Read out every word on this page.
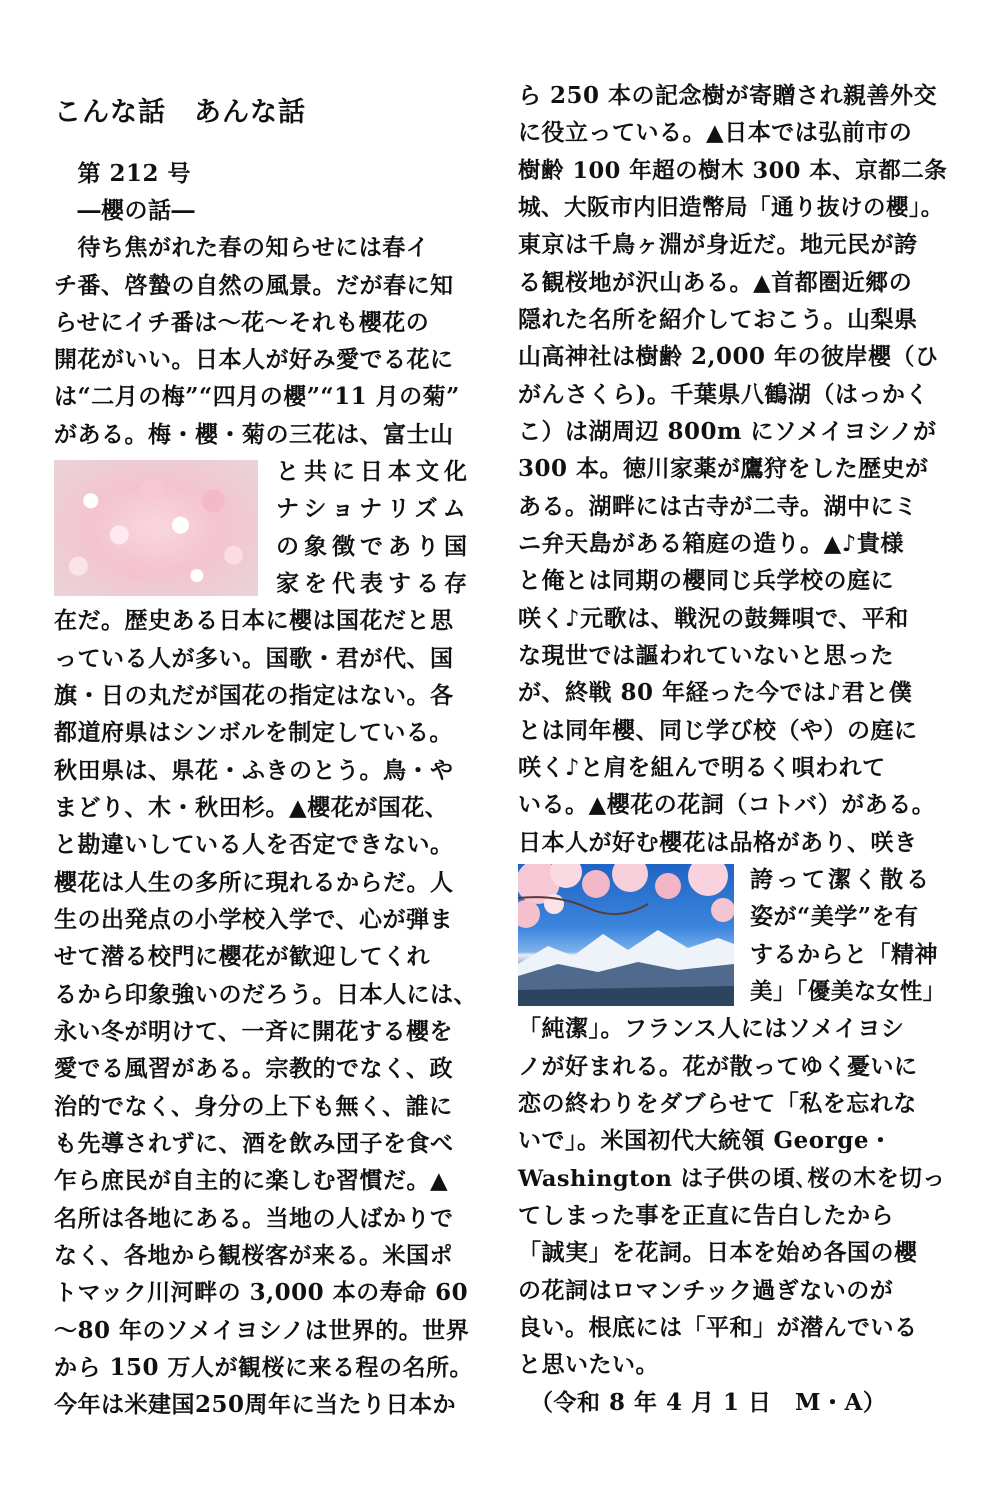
こんな話　あんな話
　第 212 号
　―櫻の話―
　待ち焦がれた春の知らせには春イ
チ番、啓蟄の自然の風景。だが春に知
らせにイチ番は～花～それも櫻花の
開花がいい。日本人が好み愛でる花に
は“二月の梅”“四月の櫻”“11 月の菊”
がある。梅・櫻・菊の三花は、富士山
と共に日本文化
ナショナリズム
の象徴であり国
家を代表する存
在だ。歴史ある日本に櫻は国花だと思
っている人が多い。国歌・君が代、国
旗・日の丸だが国花の指定はない。各
都道府県はシンボルを制定している。
秋田県は、県花・ふきのとう。鳥・や
まどり、木・秋田杉。▲櫻花が国花、
と勘違いしている人を否定できない。
櫻花は人生の多所に現れるからだ。人
生の出発点の小学校入学で、心が弾ま
せて潜る校門に櫻花が歓迎してくれ
るから印象強いのだろう。日本人には、
永い冬が明けて、一斉に開花する櫻を
愛でる風習がある。宗教的でなく、政
治的でなく、身分の上下も無く、誰に
も先導されずに、酒を飲み団子を食べ
乍ら庶民が自主的に楽しむ習慣だ。▲
名所は各地にある。当地の人ばかりで
なく、各地から観桜客が来る。米国ポ
トマック川河畔の 3,000 本の寿命 60
～80 年のソメイヨシノは世界的。世界
から 150 万人が観桜に来る程の名所。
今年は米建国250周年に当たり日本か
ら 250 本の記念樹が寄贈され親善外交
に役立っている。▲日本では弘前市の
樹齢 100 年超の樹木 300 本、京都二条
城、大阪市内旧造幣局「通り抜けの櫻」。
東京は千鳥ヶ淵が身近だ。地元民が誇
る観桜地が沢山ある。▲首都圏近郷の
隠れた名所を紹介しておこう。山梨県
山高神社は樹齢 2,000 年の彼岸櫻（ひ
がんさくら)。千葉県八鶴湖（はっかく
こ）は湖周辺 800m にソメイヨシノが
300 本。徳川家薬が鷹狩をした歴史が
ある。湖畔には古寺が二寺。湖中にミ
ニ弁天島がある箱庭の造り。▲♪貴様
と俺とは同期の櫻同じ兵学校の庭に
咲く♪元歌は、戦況の鼓舞唄で、平和
な現世では謳われていないと思った
が、終戦 80 年経った今では♪君と僕
とは同年櫻、同じ学び校（や）の庭に
咲く♪と肩を組んで明るく唄われて
いる。▲櫻花の花詞（コトバ）がある。
日本人が好む櫻花は品格があり、咲き
誇って潔く散る
姿が“美学”を有
するからと「精神
美」「優美な女性」
「純潔」。フランス人にはソメイヨシ
ノが好まれる。花が散ってゆく憂いに
恋の終わりをダブらせて「私を忘れな
いで」。米国初代大統領 George・
Washington は子供の頃､桜の木を切っ
てしまった事を正直に告白したから
「誠実」を花詞。日本を始め各国の櫻
の花詞はロマンチック過ぎないのが
良い。根底には「平和」が潜んでいる
と思いたい。
　（令和 8 年 4 月 1 日　M・A）
